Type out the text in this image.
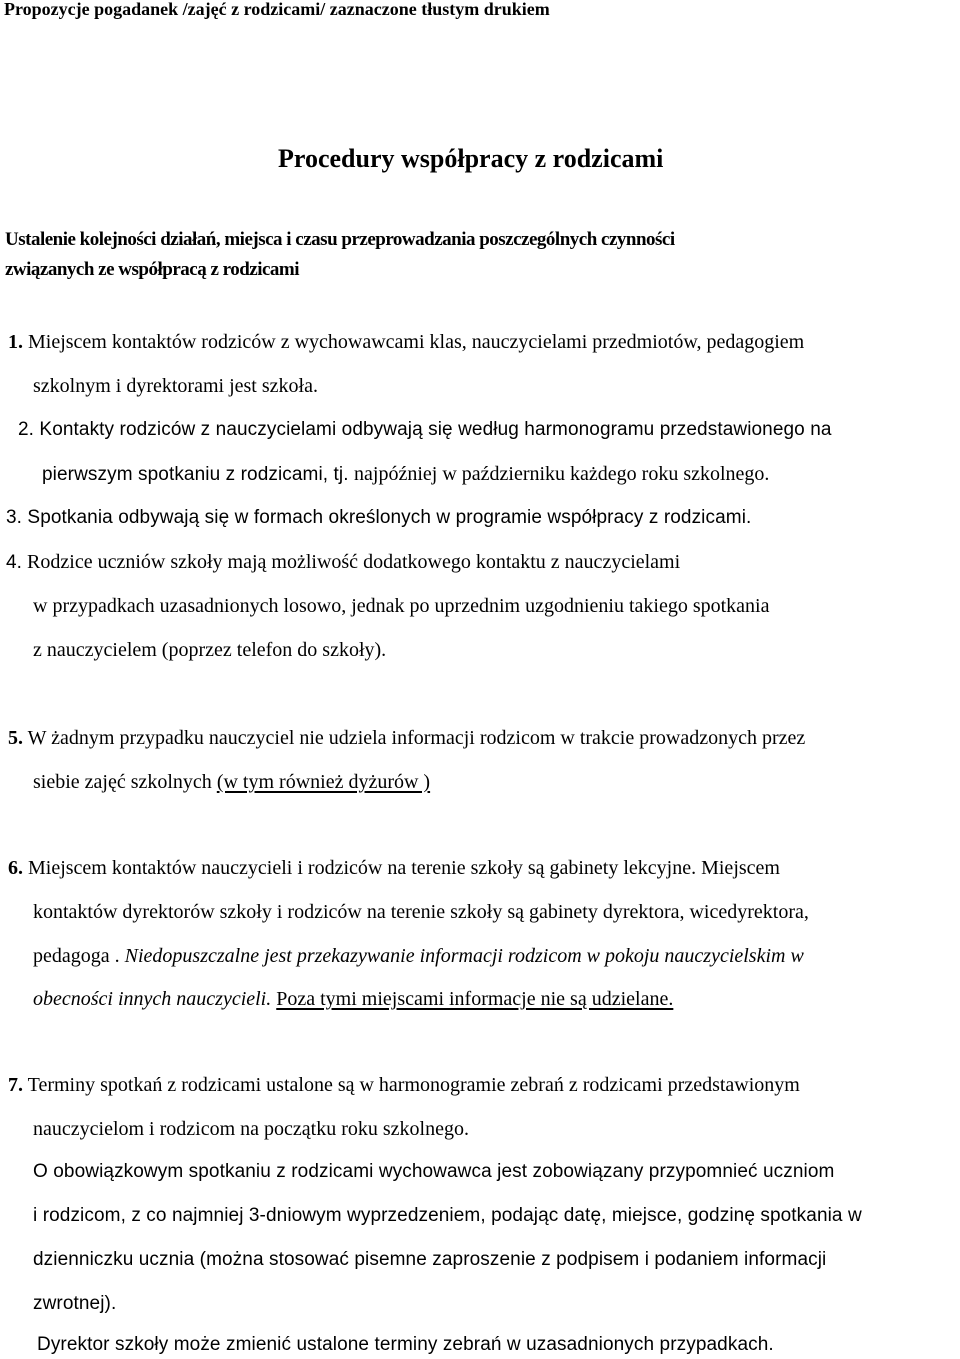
Propozycje pogadanek /zajęć z rodzicami/ zaznaczone tłustym drukiem
Procedury współpracy z rodzicami
Ustalenie kolejności działań, miejsca i czasu przeprowadzania poszczególnych czynności
związanych ze współpracą z rodzicami
1. Miejscem kontaktów rodziców z wychowawcami klas, nauczycielami przedmiotów, pedagogiem
szkolnym i dyrektorami jest szkoła.
2. Kontakty rodziców z nauczycielami odbywają się według harmonogramu przedstawionego na
pierwszym spotkaniu z rodzicami, tj. najpóźniej w październiku każdego roku szkolnego.
3. Spotkania odbywają się w formach określonych w programie współpracy z rodzicami.
4. Rodzice uczniów szkoły mają możliwość dodatkowego kontaktu z nauczycielami
w przypadkach uzasadnionych losowo, jednak po uprzednim uzgodnieniu takiego spotkania
z nauczycielem (poprzez telefon do szkoły).
5. W żadnym przypadku nauczyciel nie udziela informacji rodzicom w trakcie prowadzonych przez
siebie zajęć szkolnych (w tym również dyżurów )
6. Miejscem kontaktów nauczycieli i rodziców na terenie szkoły są gabinety lekcyjne. Miejscem
kontaktów dyrektorów szkoły i rodziców na terenie szkoły są gabinety dyrektora, wicedyrektora,
pedagoga . Niedopuszczalne jest przekazywanie informacji rodzicom w pokoju nauczycielskim w
obecności innych nauczycieli. Poza tymi miejscami informacje nie są udzielane.
7. Terminy spotkań z rodzicami ustalone są w harmonogramie zebrań z rodzicami przedstawionym
nauczycielom i rodzicom na początku roku szkolnego.
O obowiązkowym spotkaniu z rodzicami wychowawca jest zobowiązany przypomnieć uczniom
i rodzicom, z co najmniej 3-dniowym wyprzedzeniem, podając datę, miejsce, godzinę spotkania w
dzienniczku ucznia (można stosować pisemne zaproszenie z podpisem i podaniem informacji
zwrotnej).
Dyrektor szkoły może zmienić ustalone terminy zebrań w uzasadnionych przypadkach.
